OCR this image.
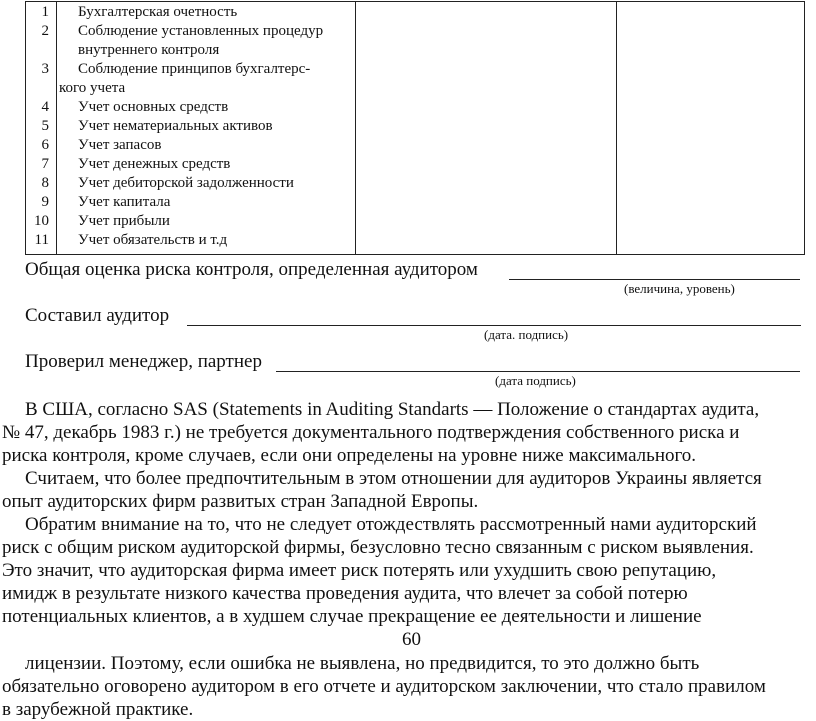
1 Бухгалтерская очетность
2 Соблюдение установленных процедур
внутреннего контроля
3 Соблюдение принципов бухгалтерс-
кого учета
4 Учет основных средств
5 Учет нематериальных активов
6 Учет запасов
7 Учет денежных средств
8 Учет дебиторской задолженности
9 Учет капитала
10 Учет прибыли
11 Учет обязательств и т.д
Общая оценка риска контроля, определенная аудитором
(величина, уровень)
Составил аудитор
(дата. подпись)
Проверил менеджер, партнер
(дата подпись)
В США, согласно SAS (Statements in Auditing Standarts — Положение о стандартах аудита,
№ 47, декабрь 1983 г.) не требуется документального подтверждения собственного риска и
риска контроля, кроме случаев, если они определены на уровне ниже максимального.
Считаем, что более предпочтительным в этом отношении для аудиторов Украины является
опыт аудиторских фирм развитых стран Западной Европы.
Обратим внимание на то, что не следует отождествлять рассмотренный нами аудиторский
риск с общим риском аудиторской фирмы, безусловно тесно связанным с риском выявления.
Это значит, что аудиторская фирма имеет риск потерять или ухудшить свою репутацию,
имидж в результате низкого качества проведения аудита, что влечет за собой потерю
потенциальных клиентов, а в худшем случае прекращение ее деятельности и лишение
60
лицензии. Поэтому, если ошибка не выявлена, но предвидится, то это должно быть
обязательно оговорено аудитором в его отчете и аудиторском заключении, что стало правилом
в зарубежной практике.
